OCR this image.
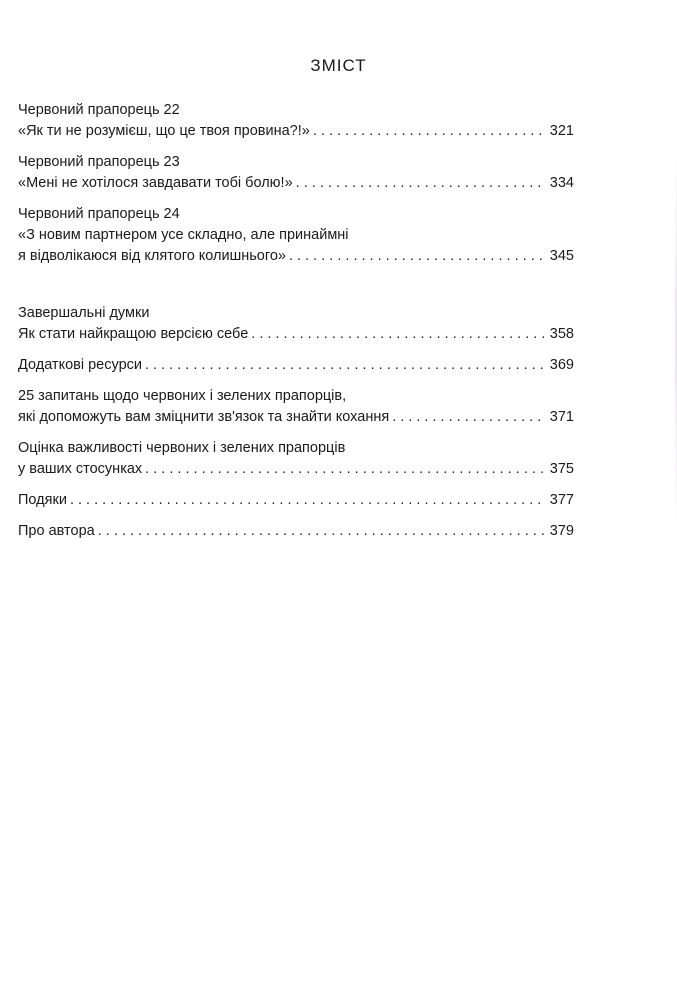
ЗМІСТ
Червоний прапорець 22
«Як ти не розумієш, що це твоя провина?!» . . .	321
Червоний прапорець 23
«Мені не хотілося завдавати тобі болю!» . . .	334
Червоний прапорець 24
«З новим партнером усе складно, але принаймні
я відволікаюся від клятого колишнього» . . .	345
Завершальні думки
Як стати найкращою версією себе . . .	358
Додаткові ресурси . . .	369
25 запитань щодо червоних і зелених прапорців,
які допоможуть вам зміцнити зв'язок та знайти кохання . . .	371
Оцінка важливості червоних і зелених прапорців
у ваших стосунках . . .	375
Подяки . . .	377
Про автора . . .	379
